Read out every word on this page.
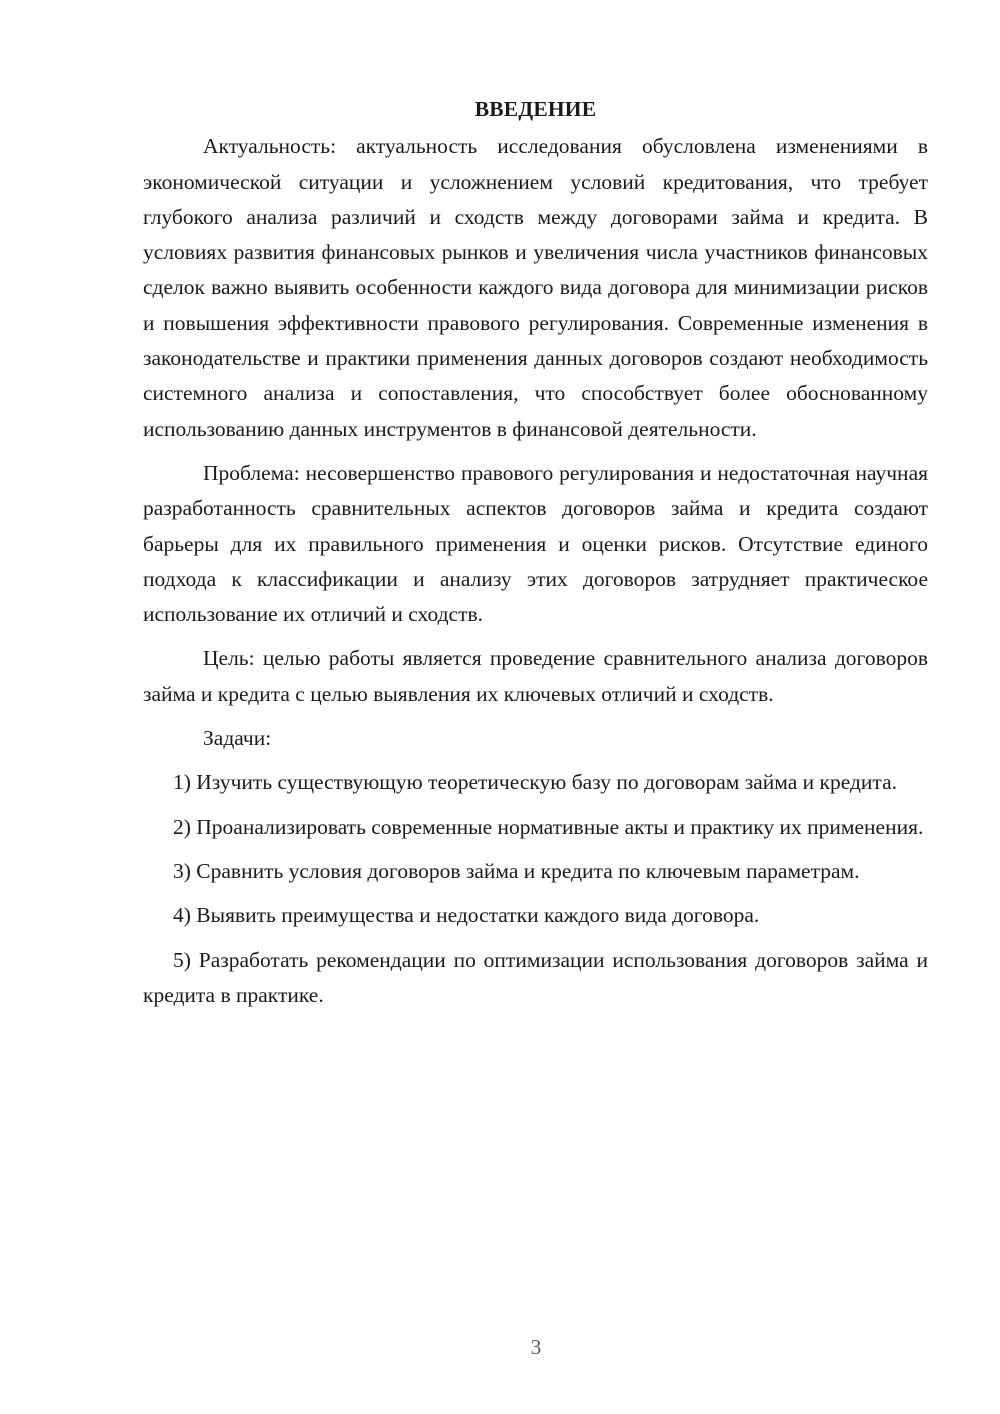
ВВЕДЕНИЕ

Актуальность: актуальность исследования обусловлена изменениями в экономической ситуации и усложнением условий кредитования, что требует глубокого анализа различий и сходств между договорами займа и кредита. В условиях развития финансовых рынков и увеличения числа участников финансовых сделок важно выявить особенности каждого вида договора для минимизации рисков и повышения эффективности правового регулирования. Современные изменения в законодательстве и практики применения данных договоров создают необходимость системного анализа и сопоставления, что способствует более обоснованному использованию данных инструментов в финансовой деятельности.

Проблема: несовершенство правового регулирования и недостаточная научная разработанность сравнительных аспектов договоров займа и кредита создают барьеры для их правильного применения и оценки рисков. Отсутствие единого подхода к классификации и анализу этих договоров затрудняет практическое использование их отличий и сходств.

Цель: целью работы является проведение сравнительного анализа договоров займа и кредита с целью выявления их ключевых отличий и сходств.

Задачи:

1) Изучить существующую теоретическую базу по договорам займа и кредита.

2) Проанализировать современные нормативные акты и практику их применения.

3) Сравнить условия договоров займа и кредита по ключевым параметрам.

4) Выявить преимущества и недостатки каждого вида договора.

5) Разработать рекомендации по оптимизации использования договоров займа и кредита в практике.

3
